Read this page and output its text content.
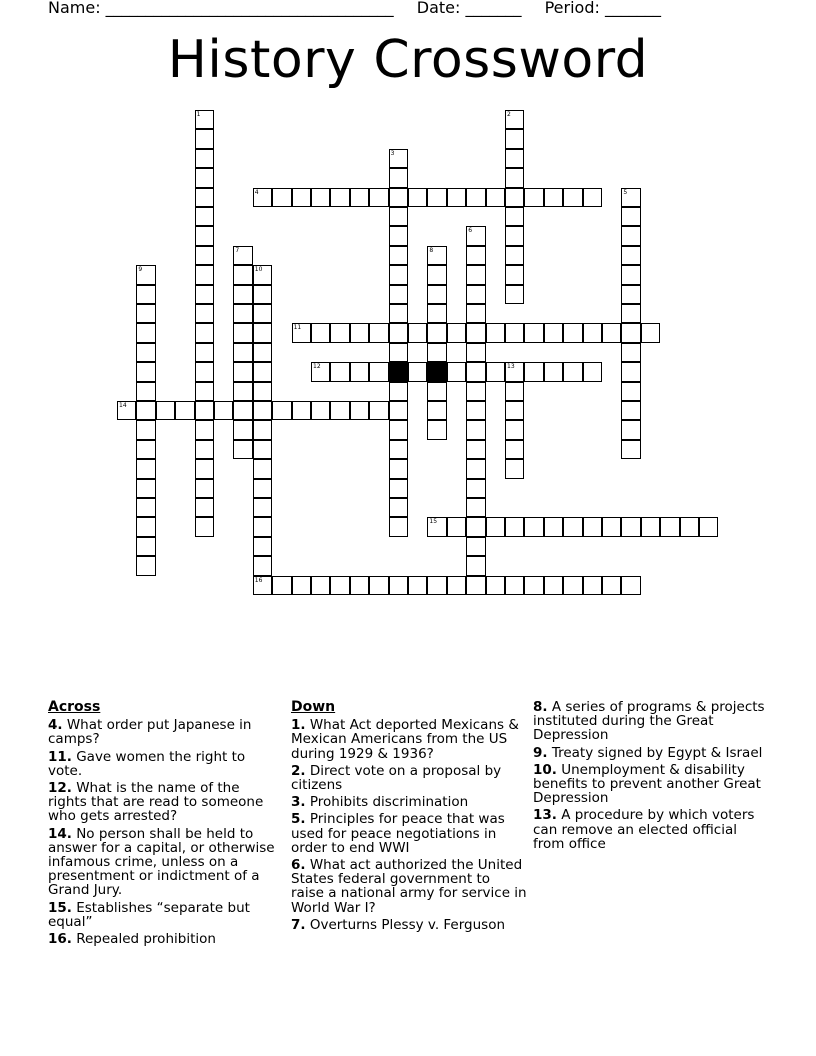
Name: ____________________________________ Date: _______ Period: _______
History Crossword
1	2
3
4	5
6
7	8
9	10
16
11
12	13
14
15
Across
4. What order put Japanese in camps?
11. Gave women the right to vote.
12. What is the name of the rights that are read to someone who gets arrested?
14. No person shall be held to answer for a capital, or otherwise infamous crime, unless on a presentment or indictment of a Grand Jury.
15. Establishes “separate but equal”
16. Repealed prohibition
Down
1. What Act deported Mexicans & Mexican Americans from the US during 1929 & 1936?
2. Direct vote on a proposal by citizens
3. Prohibits discrimination
5. Principles for peace that was used for peace negotiations in order to end WWI
6. What act authorized the United States federal government to raise a national army for service in World War I?
7. Overturns Plessy v. Ferguson
8. A series of programs & projects instituted during the Great Depression
9. Treaty signed by Egypt & Israel
10. Unemployment & disability benefits to prevent another Great Depression
13. A procedure by which voters can remove an elected official from office
